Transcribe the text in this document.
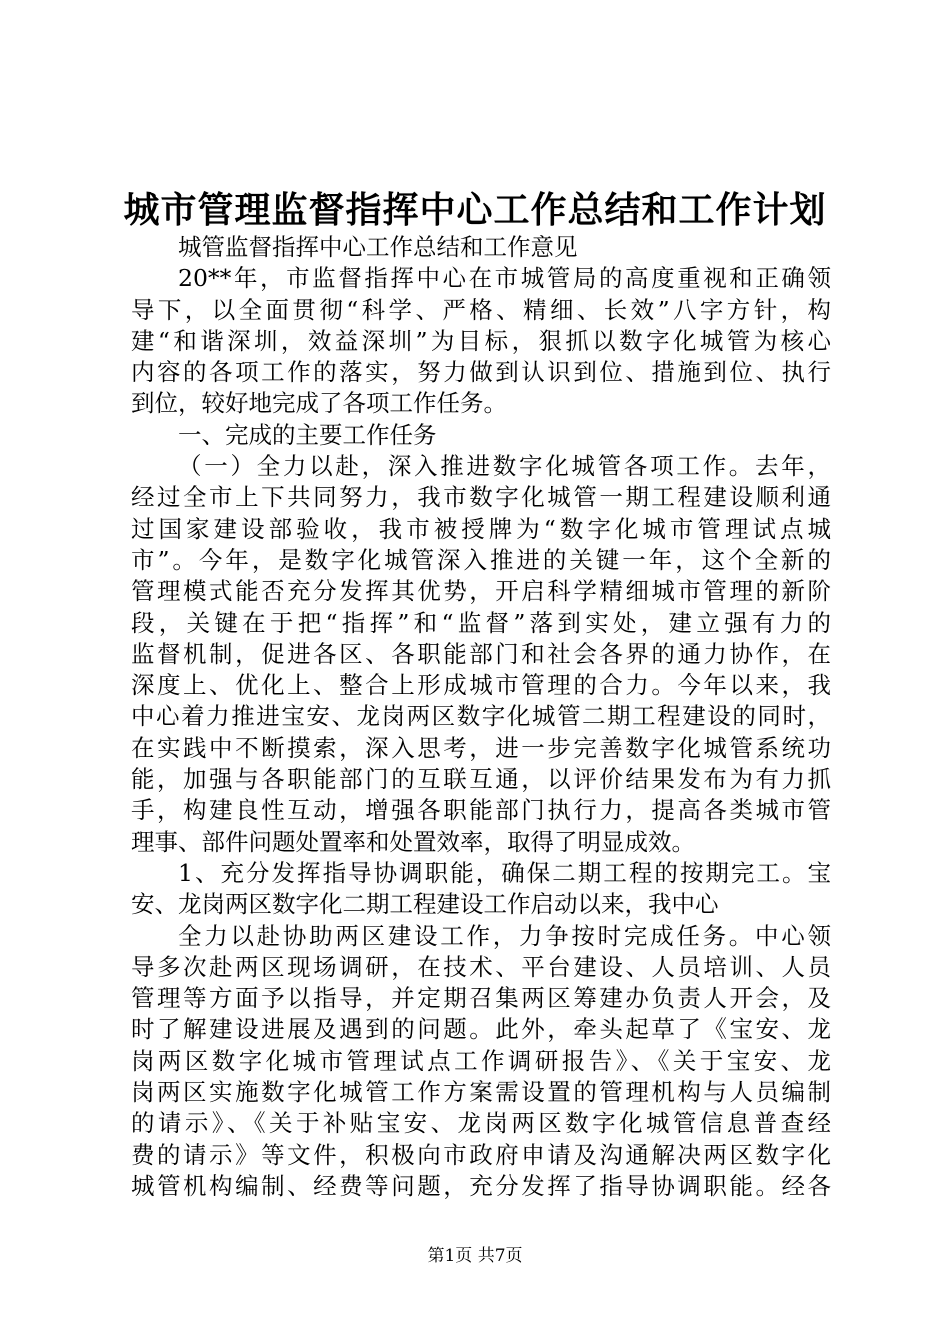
城市管理监督指挥中心工作总结和工作计划
城管监督指挥中心工作总结和工作意见
20**年，市监督指挥中心在市城管局的高度重视和正确领
导下，以全面贯彻“科学、严格、精细、长效”八字方针，构
建“和谐深圳，效益深圳”为目标，狠抓以数字化城管为核心
内容的各项工作的落实，努力做到认识到位、措施到位、执行
到位，较好地完成了各项工作任务。
一、完成的主要工作任务
（一）全力以赴，深入推进数字化城管各项工作。去年，
经过全市上下共同努力，我市数字化城管一期工程建设顺利通
过国家建设部验收，我市被授牌为“数字化城市管理试点城
市”。今年，是数字化城管深入推进的关键一年，这个全新的
管理模式能否充分发挥其优势，开启科学精细城市管理的新阶
段，关键在于把“指挥”和“监督”落到实处，建立强有力的
监督机制，促进各区、各职能部门和社会各界的通力协作，在
深度上、优化上、整合上形成城市管理的合力。今年以来，我
中心着力推进宝安、龙岗两区数字化城管二期工程建设的同时，
在实践中不断摸索，深入思考，进一步完善数字化城管系统功
能，加强与各职能部门的互联互通，以评价结果发布为有力抓
手，构建良性互动，增强各职能部门执行力，提高各类城市管
理事、部件问题处置率和处置效率，取得了明显成效。
1、充分发挥指导协调职能，确保二期工程的按期完工。宝
安、龙岗两区数字化二期工程建设工作启动以来，我中心
全力以赴协助两区建设工作，力争按时完成任务。中心领
导多次赴两区现场调研，在技术、平台建设、人员培训、人员
管理等方面予以指导，并定期召集两区筹建办负责人开会，及
时了解建设进展及遇到的问题。此外，牵头起草了《宝安、龙
岗两区数字化城市管理试点工作调研报告》、《关于宝安、龙
岗两区实施数字化城管工作方案需设置的管理机构与人员编制
的请示》、《关于补贴宝安、龙岗两区数字化城管信息普查经
费的请示》等文件，积极向市政府申请及沟通解决两区数字化
城管机构编制、经费等问题，充分发挥了指导协调职能。经各
第1页 共7页
